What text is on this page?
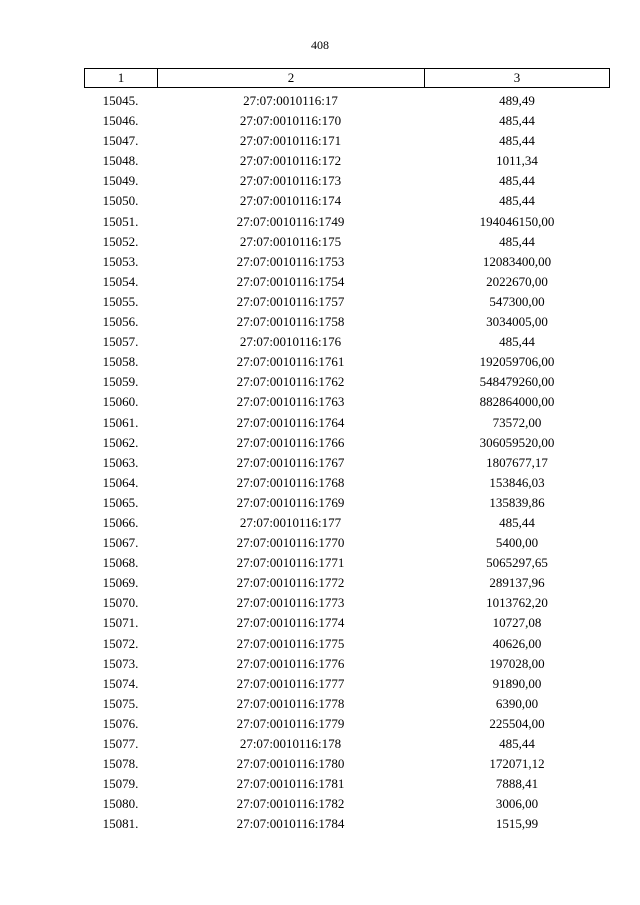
408
1	2	3
15045.	27:07:0010116:17	489,49
15046.	27:07:0010116:170	485,44
15047.	27:07:0010116:171	485,44
15048.	27:07:0010116:172	1011,34
15049.	27:07:0010116:173	485,44
15050.	27:07:0010116:174	485,44
15051.	27:07:0010116:1749	194046150,00
15052.	27:07:0010116:175	485,44
15053.	27:07:0010116:1753	12083400,00
15054.	27:07:0010116:1754	2022670,00
15055.	27:07:0010116:1757	547300,00
15056.	27:07:0010116:1758	3034005,00
15057.	27:07:0010116:176	485,44
15058.	27:07:0010116:1761	192059706,00
15059.	27:07:0010116:1762	548479260,00
15060.	27:07:0010116:1763	882864000,00
15061.	27:07:0010116:1764	73572,00
15062.	27:07:0010116:1766	306059520,00
15063.	27:07:0010116:1767	1807677,17
15064.	27:07:0010116:1768	153846,03
15065.	27:07:0010116:1769	135839,86
15066.	27:07:0010116:177	485,44
15067.	27:07:0010116:1770	5400,00
15068.	27:07:0010116:1771	5065297,65
15069.	27:07:0010116:1772	289137,96
15070.	27:07:0010116:1773	1013762,20
15071.	27:07:0010116:1774	10727,08
15072.	27:07:0010116:1775	40626,00
15073.	27:07:0010116:1776	197028,00
15074.	27:07:0010116:1777	91890,00
15075.	27:07:0010116:1778	6390,00
15076.	27:07:0010116:1779	225504,00
15077.	27:07:0010116:178	485,44
15078.	27:07:0010116:1780	172071,12
15079.	27:07:0010116:1781	7888,41
15080.	27:07:0010116:1782	3006,00
15081.	27:07:0010116:1784	1515,99
